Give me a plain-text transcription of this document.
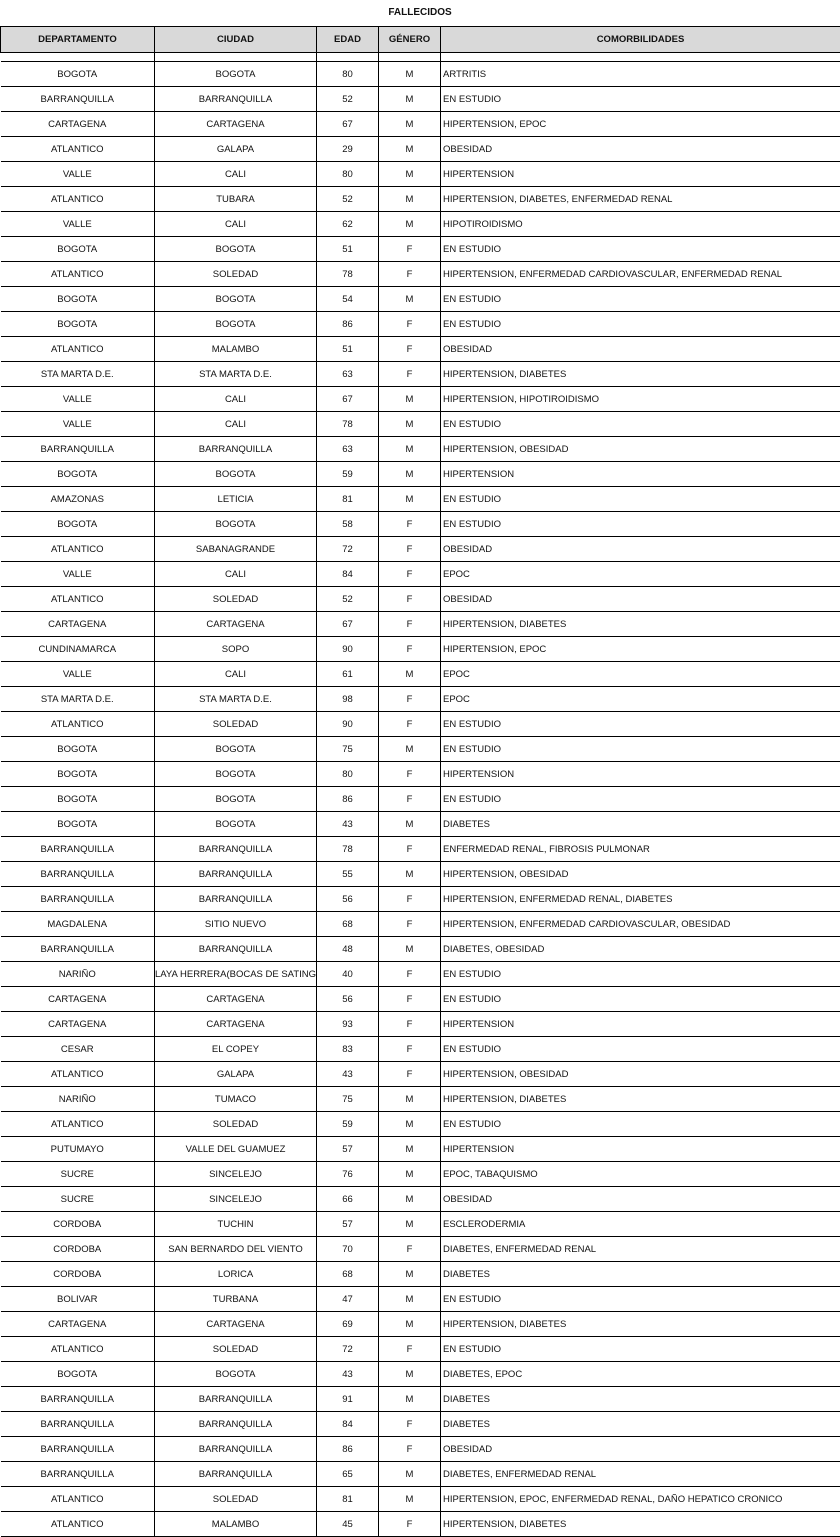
FALLECIDOS
DEPARTAMENTO	CIUDAD	EDAD	GÉNERO	COMORBILIDADES

BOGOTA	BOGOTA	80	M	ARTRITIS
BARRANQUILLA	BARRANQUILLA	52	M	EN ESTUDIO
CARTAGENA	CARTAGENA	67	M	HIPERTENSION, EPOC
ATLANTICO	GALAPA	29	M	OBESIDAD
VALLE	CALI	80	M	HIPERTENSION
ATLANTICO	TUBARA	52	M	HIPERTENSION, DIABETES, ENFERMEDAD RENAL
VALLE	CALI	62	M	HIPOTIROIDISMO
BOGOTA	BOGOTA	51	F	EN ESTUDIO
ATLANTICO	SOLEDAD	78	F	HIPERTENSION, ENFERMEDAD CARDIOVASCULAR, ENFERMEDAD RENAL
BOGOTA	BOGOTA	54	M	EN ESTUDIO
BOGOTA	BOGOTA	86	F	EN ESTUDIO
ATLANTICO	MALAMBO	51	F	OBESIDAD
STA MARTA D.E.	STA MARTA D.E.	63	F	HIPERTENSION, DIABETES
VALLE	CALI	67	M	HIPERTENSION, HIPOTIROIDISMO
VALLE	CALI	78	M	EN ESTUDIO
BARRANQUILLA	BARRANQUILLA	63	M	HIPERTENSION, OBESIDAD
BOGOTA	BOGOTA	59	M	HIPERTENSION
AMAZONAS	LETICIA	81	M	EN ESTUDIO
BOGOTA	BOGOTA	58	F	EN ESTUDIO
ATLANTICO	SABANAGRANDE	72	F	OBESIDAD
VALLE	CALI	84	F	EPOC
ATLANTICO	SOLEDAD	52	F	OBESIDAD
CARTAGENA	CARTAGENA	67	F	HIPERTENSION, DIABETES
CUNDINAMARCA	SOPO	90	F	HIPERTENSION, EPOC
VALLE	CALI	61	M	EPOC
STA MARTA D.E.	STA MARTA D.E.	98	F	EPOC
ATLANTICO	SOLEDAD	90	F	EN ESTUDIO
BOGOTA	BOGOTA	75	M	EN ESTUDIO
BOGOTA	BOGOTA	80	F	HIPERTENSION
BOGOTA	BOGOTA	86	F	EN ESTUDIO
BOGOTA	BOGOTA	43	M	DIABETES
BARRANQUILLA	BARRANQUILLA	78	F	ENFERMEDAD RENAL, FIBROSIS PULMONAR
BARRANQUILLA	BARRANQUILLA	55	M	HIPERTENSION, OBESIDAD
BARRANQUILLA	BARRANQUILLA	56	F	HIPERTENSION, ENFERMEDAD RENAL, DIABETES
MAGDALENA	SITIO NUEVO	68	F	HIPERTENSION, ENFERMEDAD CARDIOVASCULAR, OBESIDAD
BARRANQUILLA	BARRANQUILLA	48	M	DIABETES, OBESIDAD
NARIÑO	LAYA HERRERA(BOCAS DE SATING	40	F	EN ESTUDIO
CARTAGENA	CARTAGENA	56	F	EN ESTUDIO
CARTAGENA	CARTAGENA	93	F	HIPERTENSION
CESAR	EL COPEY	83	F	EN ESTUDIO
ATLANTICO	GALAPA	43	F	HIPERTENSION, OBESIDAD
NARIÑO	TUMACO	75	M	HIPERTENSION, DIABETES
ATLANTICO	SOLEDAD	59	M	EN ESTUDIO
PUTUMAYO	VALLE DEL GUAMUEZ	57	M	HIPERTENSION
SUCRE	SINCELEJO	76	M	EPOC, TABAQUISMO
SUCRE	SINCELEJO	66	M	OBESIDAD
CORDOBA	TUCHIN	57	M	ESCLERODERMIA
CORDOBA	SAN BERNARDO DEL VIENTO	70	F	DIABETES, ENFERMEDAD RENAL
CORDOBA	LORICA	68	M	DIABETES
BOLIVAR	TURBANA	47	M	EN ESTUDIO
CARTAGENA	CARTAGENA	69	M	HIPERTENSION, DIABETES
ATLANTICO	SOLEDAD	72	F	EN ESTUDIO
BOGOTA	BOGOTA	43	M	DIABETES, EPOC
BARRANQUILLA	BARRANQUILLA	91	M	DIABETES
BARRANQUILLA	BARRANQUILLA	84	F	DIABETES
BARRANQUILLA	BARRANQUILLA	86	F	OBESIDAD
BARRANQUILLA	BARRANQUILLA	65	M	DIABETES, ENFERMEDAD RENAL
ATLANTICO	SOLEDAD	81	M	HIPERTENSION, EPOC, ENFERMEDAD RENAL, DAÑO HEPATICO CRONICO
ATLANTICO	MALAMBO	45	F	HIPERTENSION, DIABETES
